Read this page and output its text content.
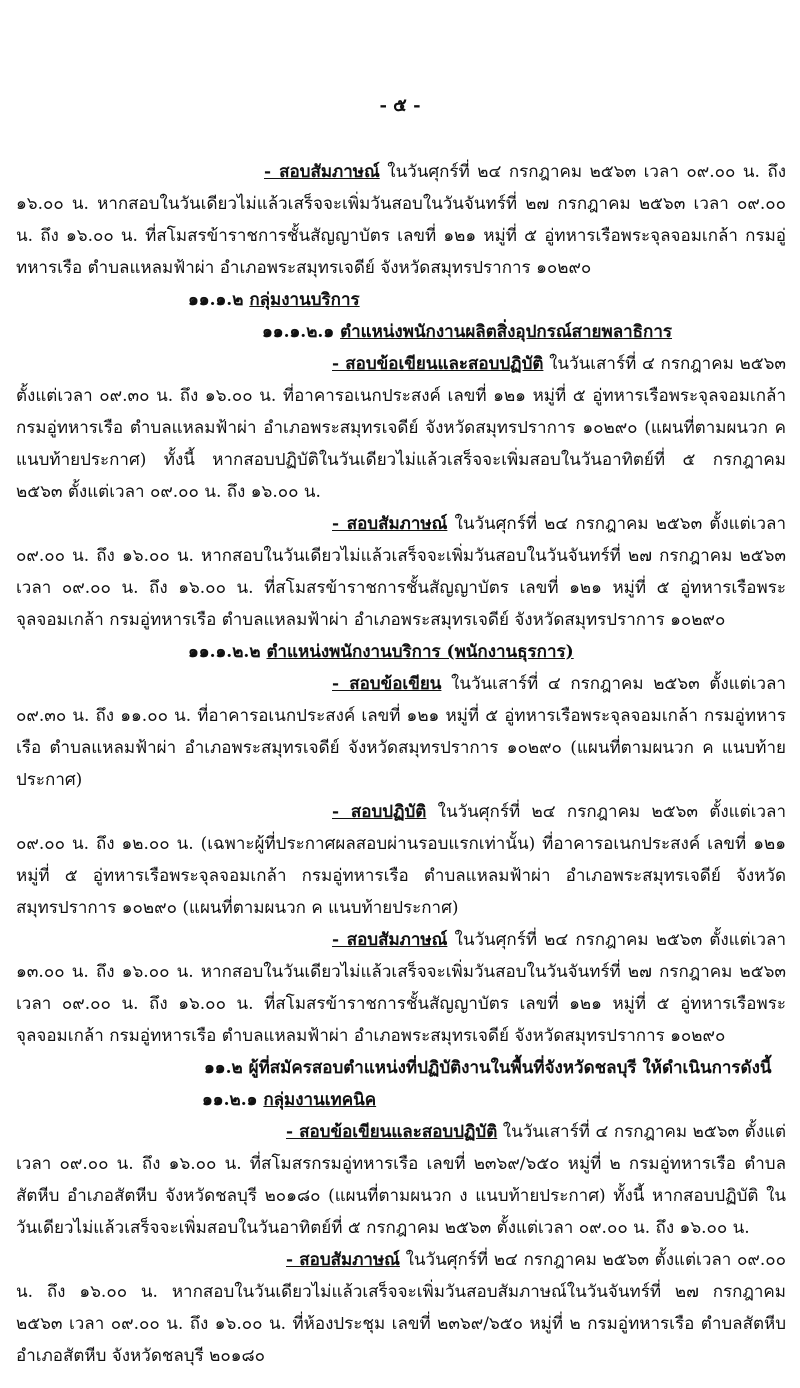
- ๕ -

- สอบสัมภาษณ์ ในวันศุกร์ที่ ๒๔ กรกฎาคม ๒๕๖๓ เวลา ๐๙.๐๐ น. ถึง ๑๖.๐๐ น. หากสอบในวันเดียวไม่แล้วเสร็จจะเพิ่มวันสอบในวันจันทร์ที่ ๒๗ กรกฎาคม ๒๕๖๓ เวลา ๐๙.๐๐ น. ถึง ๑๖.๐๐ น. ที่สโมสรข้าราชการชั้นสัญญาบัตร เลขที่ ๑๒๑ หมู่ที่ ๕ อู่ทหารเรือพระจุลจอมเกล้า กรมอู่ทหารเรือ ตำบลแหลมฟ้าผ่า อำเภอพระสมุทรเจดีย์ จังหวัดสมุทรปราการ ๑๐๒๙๐

๑๑.๑.๒ กลุ่มงานบริการ

๑๑.๑.๒.๑ ตำแหน่งพนักงานผลิตสิ่งอุปกรณ์สายพลาธิการ

- สอบข้อเขียนและสอบปฏิบัติ ในวันเสาร์ที่ ๔ กรกฎาคม ๒๕๖๓ ตั้งแต่เวลา ๐๙.๓๐ น. ถึง ๑๖.๐๐ น. ที่อาคารอเนกประสงค์ เลขที่ ๑๒๑ หมู่ที่ ๕ อู่ทหารเรือพระจุลจอมเกล้า กรมอู่ทหารเรือ ตำบลแหลมฟ้าผ่า อำเภอพระสมุทรเจดีย์ จังหวัดสมุทรปราการ ๑๐๒๙๐ (แผนที่ตามผนวก ค แนบท้ายประกาศ) ทั้งนี้ หากสอบปฏิบัติในวันเดียวไม่แล้วเสร็จจะเพิ่มสอบในวันอาทิตย์ที่ ๕ กรกฎาคม ๒๕๖๓ ตั้งแต่เวลา ๐๙.๐๐ น. ถึง ๑๖.๐๐ น.

- สอบสัมภาษณ์ ในวันศุกร์ที่ ๒๔ กรกฎาคม ๒๕๖๓ ตั้งแต่เวลา ๐๙.๐๐ น. ถึง ๑๖.๐๐ น. หากสอบในวันเดียวไม่แล้วเสร็จจะเพิ่มวันสอบในวันจันทร์ที่ ๒๗ กรกฎาคม ๒๕๖๓ เวลา ๐๙.๐๐ น. ถึง ๑๖.๐๐ น. ที่สโมสรข้าราชการชั้นสัญญาบัตร เลขที่ ๑๒๑ หมู่ที่ ๕ อู่ทหารเรือพระจุลจอมเกล้า กรมอู่ทหารเรือ ตำบลแหลมฟ้าผ่า อำเภอพระสมุทรเจดีย์ จังหวัดสมุทรปราการ ๑๐๒๙๐

๑๑.๑.๒.๒ ตำแหน่งพนักงานบริการ (พนักงานธุรการ)

- สอบข้อเขียน ในวันเสาร์ที่ ๔ กรกฎาคม ๒๕๖๓ ตั้งแต่เวลา ๐๙.๓๐ น. ถึง ๑๑.๐๐ น. ที่อาคารอเนกประสงค์ เลขที่ ๑๒๑ หมู่ที่ ๕ อู่ทหารเรือพระจุลจอมเกล้า กรมอู่ทหารเรือ ตำบลแหลมฟ้าผ่า อำเภอพระสมุทรเจดีย์ จังหวัดสมุทรปราการ ๑๐๒๙๐ (แผนที่ตามผนวก ค แนบท้ายประกาศ)

- สอบปฏิบัติ ในวันศุกร์ที่ ๒๔ กรกฎาคม ๒๕๖๓ ตั้งแต่เวลา ๐๙.๐๐ น. ถึง ๑๒.๐๐ น. (เฉพาะผู้ที่ประกาศผลสอบผ่านรอบแรกเท่านั้น) ที่อาคารอเนกประสงค์ เลขที่ ๑๒๑ หมู่ที่ ๕ อู่ทหารเรือพระจุลจอมเกล้า กรมอู่ทหารเรือ ตำบลแหลมฟ้าผ่า อำเภอพระสมุทรเจดีย์ จังหวัดสมุทรปราการ ๑๐๒๙๐ (แผนที่ตามผนวก ค แนบท้ายประกาศ)

- สอบสัมภาษณ์ ในวันศุกร์ที่ ๒๔ กรกฎาคม ๒๕๖๓ ตั้งแต่เวลา ๑๓.๐๐ น. ถึง ๑๖.๐๐ น. หากสอบในวันเดียวไม่แล้วเสร็จจะเพิ่มวันสอบในวันจันทร์ที่ ๒๗ กรกฎาคม ๒๕๖๓ เวลา ๐๙.๐๐ น. ถึง ๑๖.๐๐ น. ที่สโมสรข้าราชการชั้นสัญญาบัตร เลขที่ ๑๒๑ หมู่ที่ ๕ อู่ทหารเรือพระจุลจอมเกล้า กรมอู่ทหารเรือ ตำบลแหลมฟ้าผ่า อำเภอพระสมุทรเจดีย์ จังหวัดสมุทรปราการ ๑๐๒๙๐

๑๑.๒ ผู้ที่สมัครสอบตำแหน่งที่ปฏิบัติงานในพื้นที่จังหวัดชลบุรี ให้ดำเนินการดังนี้

๑๑.๒.๑ กลุ่มงานเทคนิค

- สอบข้อเขียนและสอบปฏิบัติ ในวันเสาร์ที่ ๔ กรกฎาคม ๒๕๖๓ ตั้งแต่เวลา ๐๙.๐๐ น. ถึง ๑๖.๐๐ น. ที่สโมสรกรมอู่ทหารเรือ เลขที่ ๒๓๖๙/๖๕๐ หมู่ที่ ๒ กรมอู่ทหารเรือ ตำบลสัตหีบ อำเภอสัตหีบ จังหวัดชลบุรี ๒๐๑๘๐ (แผนที่ตามผนวก ง แนบท้ายประกาศ) ทั้งนี้ หากสอบปฏิบัติ ในวันเดียวไม่แล้วเสร็จจะเพิ่มสอบในวันอาทิตย์ที่ ๕ กรกฎาคม ๒๕๖๓ ตั้งแต่เวลา ๐๙.๐๐ น. ถึง ๑๖.๐๐ น.

- สอบสัมภาษณ์ ในวันศุกร์ที่ ๒๔ กรกฎาคม ๒๕๖๓ ตั้งแต่เวลา ๐๙.๐๐ น. ถึง ๑๖.๐๐ น. หากสอบในวันเดียวไม่แล้วเสร็จจะเพิ่มวันสอบสัมภาษณ์ในวันจันทร์ที่ ๒๗ กรกฎาคม ๒๕๖๓ เวลา ๐๙.๐๐ น. ถึง ๑๖.๐๐ น. ที่ห้องประชุม เลขที่ ๒๓๖๙/๖๕๐ หมู่ที่ ๒ กรมอู่ทหารเรือ ตำบลสัตหีบ อำเภอสัตหีบ จังหวัดชลบุรี ๒๐๑๘๐
